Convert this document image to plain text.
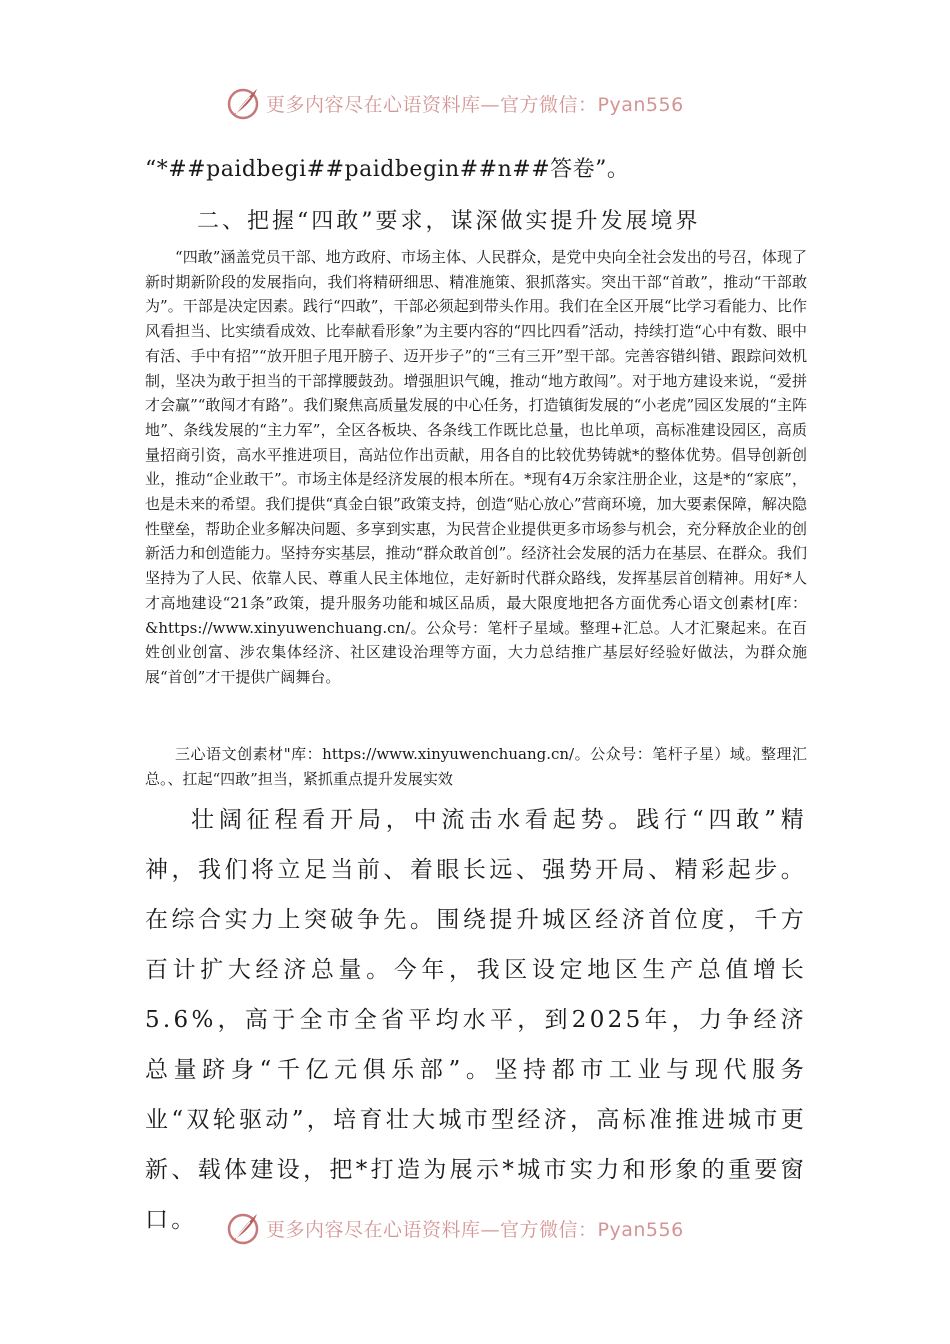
更多内容尽在心语资料库—官方微信：Pyan556
“*##paidbegi##paidbegin##n##答卷”。
二、把握“四敢”要求，谋深做实提升发展境界
“四敢”涵盖党员干部、地方政府、市场主体、人民群众，是党中央向全社会发出的号召，体现了新时期新阶段的发展指向，我们将精研细思、精准施策、狠抓落实。突出干部“首敢”，推动“干部敢为”。干部是决定因素。践行“四敢”，干部必须起到带头作用。我们在全区开展“比学习看能力、比作风看担当、比实绩看成效、比奉献看形象”为主要内容的“四比四看”活动，持续打造“心中有数、眼中有活、手中有招”“放开胆子甩开膀子、迈开步子”的“三有三开”型干部。完善容错纠错、跟踪问效机制，坚决为敢于担当的干部撑腰鼓劲。增强胆识气魄，推动“地方敢闯”。对于地方建设来说，“爱拼才会赢”“敢闯才有路”。我们聚焦高质量发展的中心任务，打造镇街发展的“小老虎”园区发展的“主阵地”、条线发展的“主力军”，全区各板块、各条线工作既比总量，也比单项，高标准建设园区，高质量招商引资，高水平推进项目，高站位作出贡献，用各自的比较优势铸就*的整体优势。倡导创新创业，推动“企业敢干”。市场主体是经济发展的根本所在。*现有4万余家注册企业，这是*的“家底”，也是未来的希望。我们提供“真金白银”政策支持，创造“贴心放心”营商环境，加大要素保障，解决隐性壁垒，帮助企业多解决问题、多享到实惠，为民营企业提供更多市场参与机会，充分释放企业的创新活力和创造能力。坚持夯实基层，推动“群众敢首创”。经济社会发展的活力在基层、在群众。我们坚持为了人民、依靠人民、尊重人民主体地位，走好新时代群众路线，发挥基层首创精神。用好*人才高地建设“21条”政策，提升服务功能和城区品质，最大限度地把各方面优秀心语文创素材[库：&https://www.xinyuwenchuang.cn/。公众号：笔杆子星域。整理+汇总。人才汇聚起来。在百姓创业创富、涉农集体经济、社区建设治理等方面，大力总结推广基层好经验好做法，为群众施展“首创”才干提供广阔舞台。
三心语文创素材"库：https://www.xinyuwenchuang.cn/。公众号：笔杆子星）域。整理汇总。、扛起“四敢”担当，紧抓重点提升发展实效

壮阔征程看开局，中流击水看起势。践行“四敢”精神，我们将立足当前、着眼长远、强势开局、精彩起步。在综合实力上突破争先。围绕提升城区经济首位度，千方百计扩大经济总量。今年，我区设定地区生产总值增长5.6%，高于全市全省平均水平，到2025年，力争经济总量跻身“千亿元俱乐部”。坚持都市工业与现代服务业“双轮驱动”，培育壮大城市型经济，高标准推进城市更新、载体建设，把*打造为展示*城市实力和形象的重要窗口。	更多内容尽在心语资料库—官方微信：Pyan556
